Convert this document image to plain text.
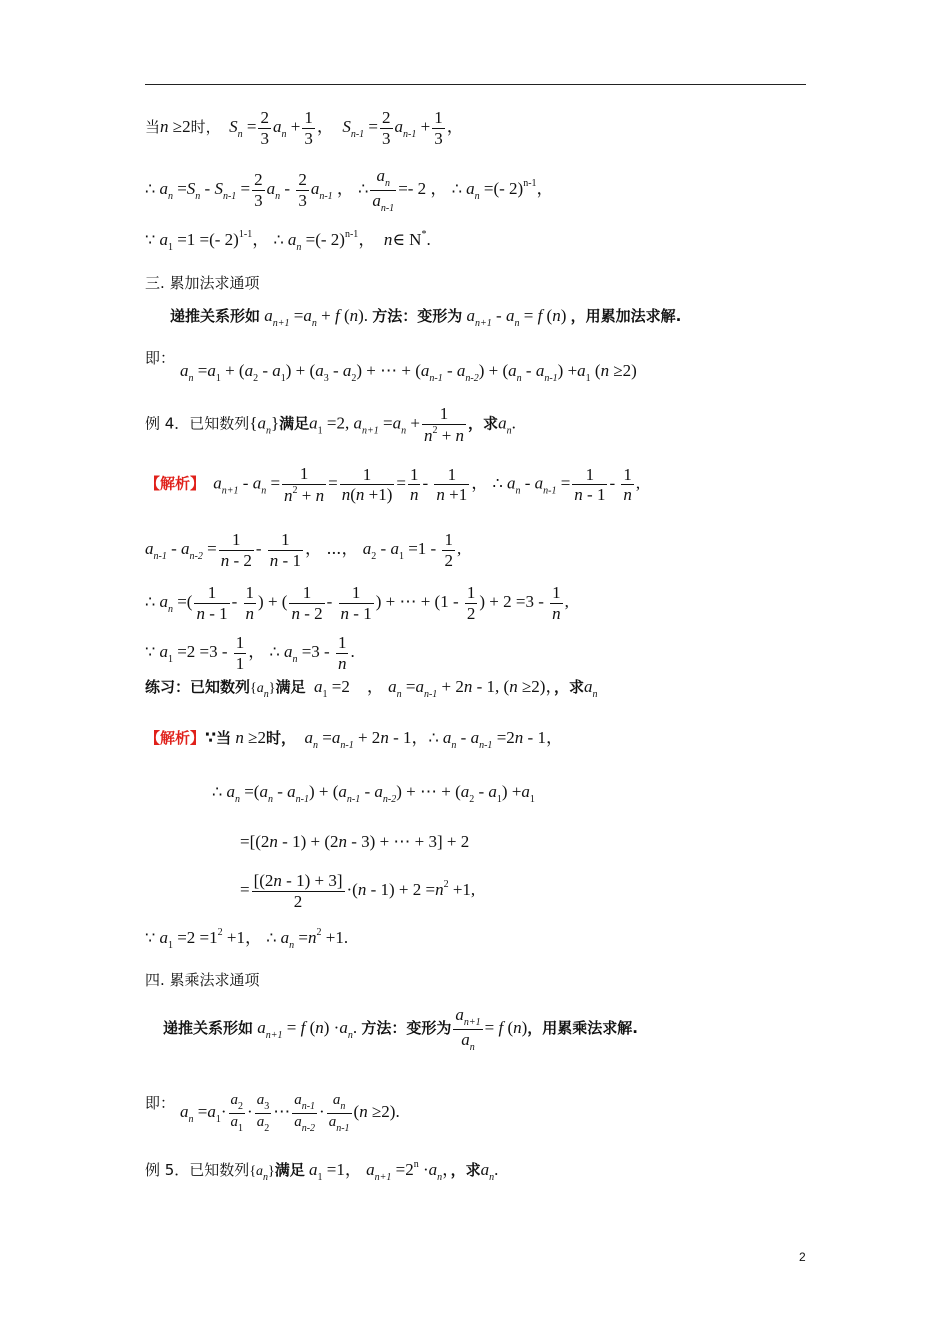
当n ≥2时， $S_n = \frac{2}{3} a_n + \frac{1}{3}$ ，  $S_{n-1} = \frac{2}{3} a_{n-1} + \frac{1}{3}$ ，
∴ $a_n =S_n - S_{n-1} = \frac{2}{3} a_n - \frac{2}{3} a_{n-1}$ ， ∴ $\frac{a_n}{a_{n-1}} =- 2$ ， ∴ $a_n$ =(- 2)$^{n-1}$，
∵ $a_1 =1$ =(- 2)$^{1-1}$， ∴ $a_n$ =(- 2)$^{n-1}$，  n∈ N*.
三. 累加法求通项
递推关系形如 $a_{n+1} =a_n + f$ (n). 方法：变形为 $a_{n+1} - a_n = f$ (n) ，用累加法求解.
即：
$a_n =a_1 + (a_2 - a_1) + (a_3 - a_2)$ + ⋯ + $(a_{n-1} - a_{n-2}) + (a_n - a_{n-1}) +a_1$ (n ≥2)
例 4．已知数列$\{a_n\}$满足$a_1 =2$, $a_{n+1} =a_n + \frac{1}{n^2 + n}$ ，求$a_n$.
【解析】 $a_{n+1} - a_n = \frac{1}{n^2 + n} = \frac{1}{n(n +1)} = \frac{1}{n} - \frac{1}{n +1}$ ， ∴ $a_n - a_{n-1} = \frac{1}{n - 1} - \frac{1}{n}$ ,
$a_{n-1} - a_{n-2} = \frac{1}{n - 2} - \frac{1}{n - 1}$ ， ⋯， $a_2 - a_1 =1 - \frac{1}{2}$ ,
∴ $a_n$ =( $\frac{1}{n - 1} - \frac{1}{n}$ ) + ( $\frac{1}{n - 2} - \frac{1}{n - 1}$ ) + ⋯ + ($1 - \frac{1}{2}$ ) + $2 =3 - \frac{1}{n}$ ,
∵ $a_1 =2 =3 - \frac{1}{1}$ ， ∴ $a_n =3 - \frac{1}{n}$ .
练习：已知数列$\{a_n\}$满足 $a_1 =2$    ， $a_n =a_{n-1} + 2n - 1$, (n ≥2)，，求$a_n$
【解析】∵当 n ≥2时， $a_n =a_{n-1} + 2n - 1$，∴ $a_n - a_{n-1} =2n - 1$，
∴ $a_n =(a_n - a_{n-1}) + (a_{n-1} - a_{n-2})$ + ⋯ + $(a_2 - a_1) +a_1$
=[(2n - 1) + (2n - 3) + ⋯ + 3] + 2
= $\frac{[(2n - 1) + 3]}{2} \cdot(n - 1) + 2 =n^2 +1$,
∵ $a_1 =2 =1^2 +1$， ∴ $a_n =n^2 +1$.
四. 累乘法求通项
递推关系形如 $a_{n+1} = f$ $(n) \cdot a_n$. 方法：变形为 $\frac{a_{n+1}}{a_n} = f$ (n)，用累乘法求解.
即： $a_n =a_1\cdot \frac{a_2}{a_1} \cdot \frac{a_3}{a_2}$ ⋯ $\frac{a_{n-1}}{a_{n-2}} \cdot \frac{a_n}{a_{n-1}} (n \ge 2)$.
例 5．已知数列$\{a_n\}$满足 $a_1 =1$， $a_{n+1} =2^n \cdot a_n$，，求$a_n$.
2
